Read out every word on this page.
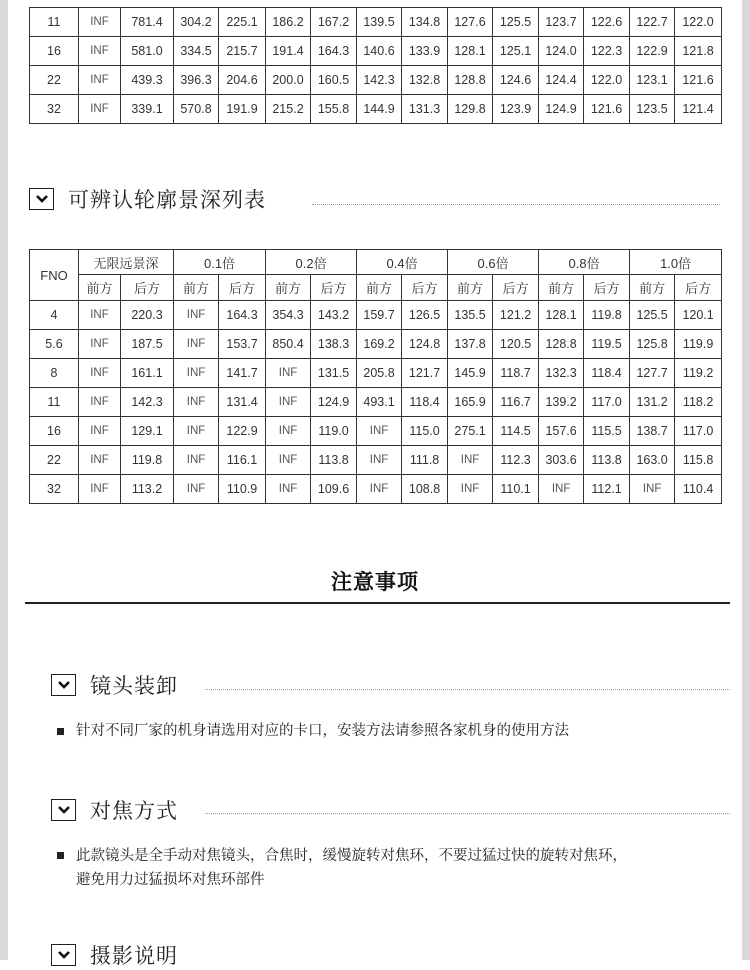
11	INF	781.4	304.2	225.1	186.2	167.2	139.5	134.8	127.6	125.5	123.7	122.6	122.7	122.0
16	INF	581.0	334.5	215.7	191.4	164.3	140.6	133.9	128.1	125.1	124.0	122.3	122.9	121.8
22	INF	439.3	396.3	204.6	200.0	160.5	142.3	132.8	128.8	124.6	124.4	122.0	123.1	121.6
32	INF	339.1	570.8	191.9	215.2	155.8	144.9	131.3	129.8	123.9	124.9	121.6	123.5	121.4
可辨认轮廓景深列表
FNO	无限远景深		0.1倍		0.2倍		0.4倍		0.6倍		0.8倍		1.0倍	
	前方	后方	前方	后方	前方	后方	前方	后方	前方	后方	前方	后方	前方	后方
4	INF	220.3	INF	164.3	354.3	143.2	159.7	126.5	135.5	121.2	128.1	119.8	125.5	120.1
5.6	INF	187.5	INF	153.7	850.4	138.3	169.2	124.8	137.8	120.5	128.8	119.5	125.8	119.9
8	INF	161.1	INF	141.7	INF	131.5	205.8	121.7	145.9	118.7	132.3	118.4	127.7	119.2
11	INF	142.3	INF	131.4	INF	124.9	493.1	118.4	165.9	116.7	139.2	117.0	131.2	118.2
16	INF	129.1	INF	122.9	INF	119.0	INF	115.0	275.1	114.5	157.6	115.5	138.7	117.0
22	INF	119.8	INF	116.1	INF	113.8	INF	111.8	INF	112.3	303.6	113.8	163.0	115.8
32	INF	113.2	INF	110.9	INF	109.6	INF	108.8	INF	110.1	INF	112.1	INF	110.4
注意事项
镜头装卸
针对不同厂家的机身请选用对应的卡口，安装方法请参照各家机身的使用方法
对焦方式
此款镜头是全手动对焦镜头，合焦时，缓慢旋转对焦环，不要过猛过快的旋转对焦环，
避免用力过猛损坏对焦环部件
摄影说明
